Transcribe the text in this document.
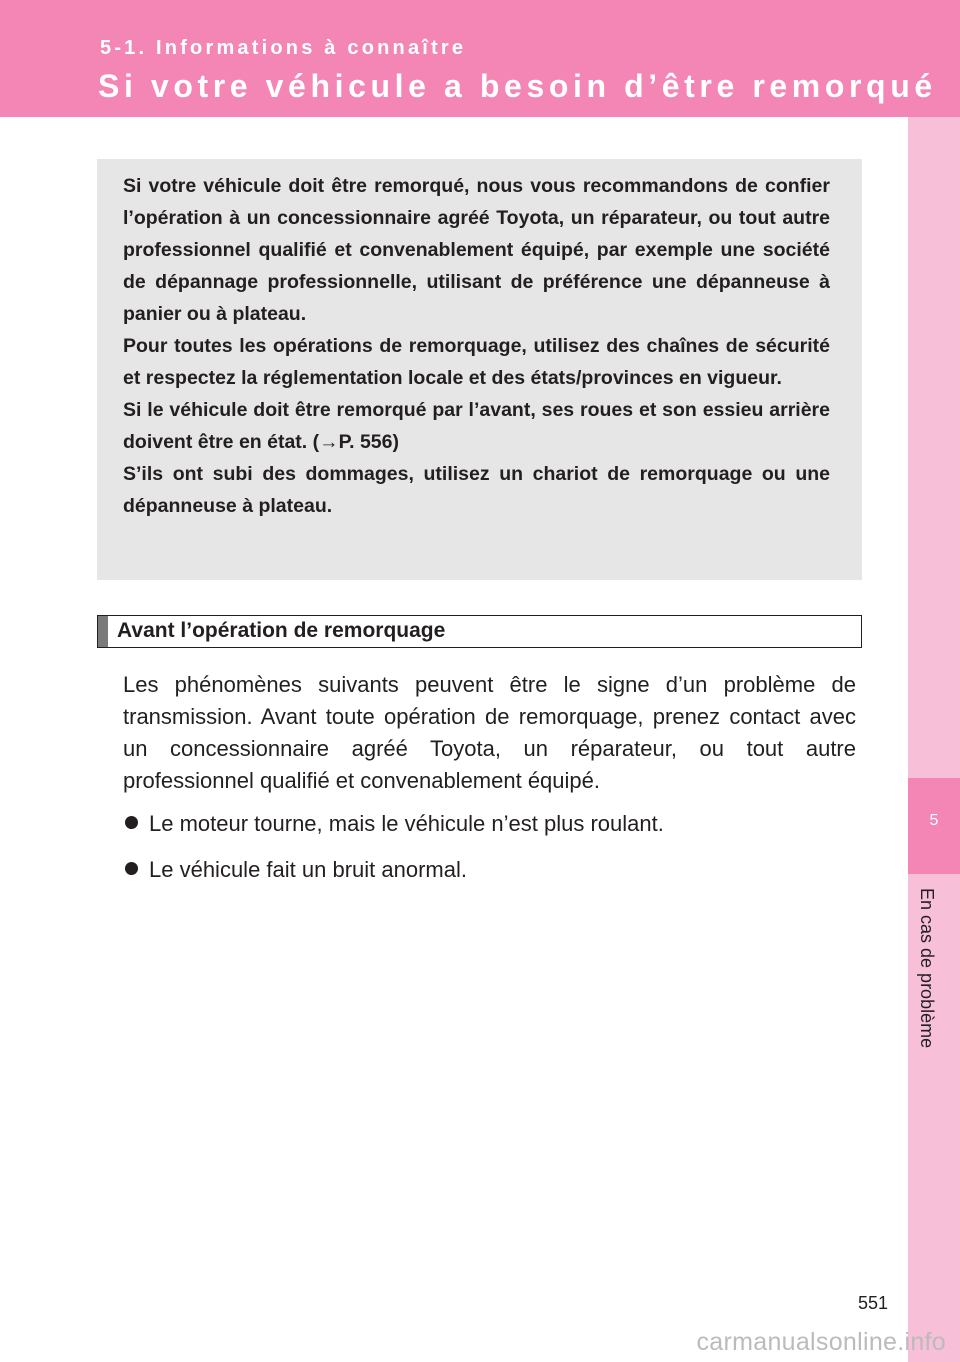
5-1. Informations à connaître
Si votre véhicule a besoin d’être remorqué
5
En cas de problème

Si votre véhicule doit être remorqué, nous vous recommandons de confier l’opération à un concessionnaire agréé Toyota, un réparateur, ou tout autre professionnel qualifié et convenablement équipé, par exemple une société de dépannage professionnelle, utilisant de préférence une dépanneuse à panier ou à plateau.

Pour toutes les opérations de remorquage, utilisez des chaînes de sécurité et respectez la réglementation locale et des états/provinces en vigueur.

Si le véhicule doit être remorqué par l’avant, ses roues et son essieu arrière doivent être en état. (→P. 556)

S’ils ont subi des dommages, utilisez un chariot de remorquage ou une dépanneuse à plateau.

Avant l’opération de remorquage

Les phénomènes suivants peuvent être le signe d’un problème de transmission. Avant toute opération de remorquage, prenez contact avec un concessionnaire agréé Toyota, un réparateur, ou tout autre professionnel qualifié et convenablement équipé.

Le moteur tourne, mais le véhicule n’est plus roulant.
Le véhicule fait un bruit anormal.
551
carmanualsonline.info
